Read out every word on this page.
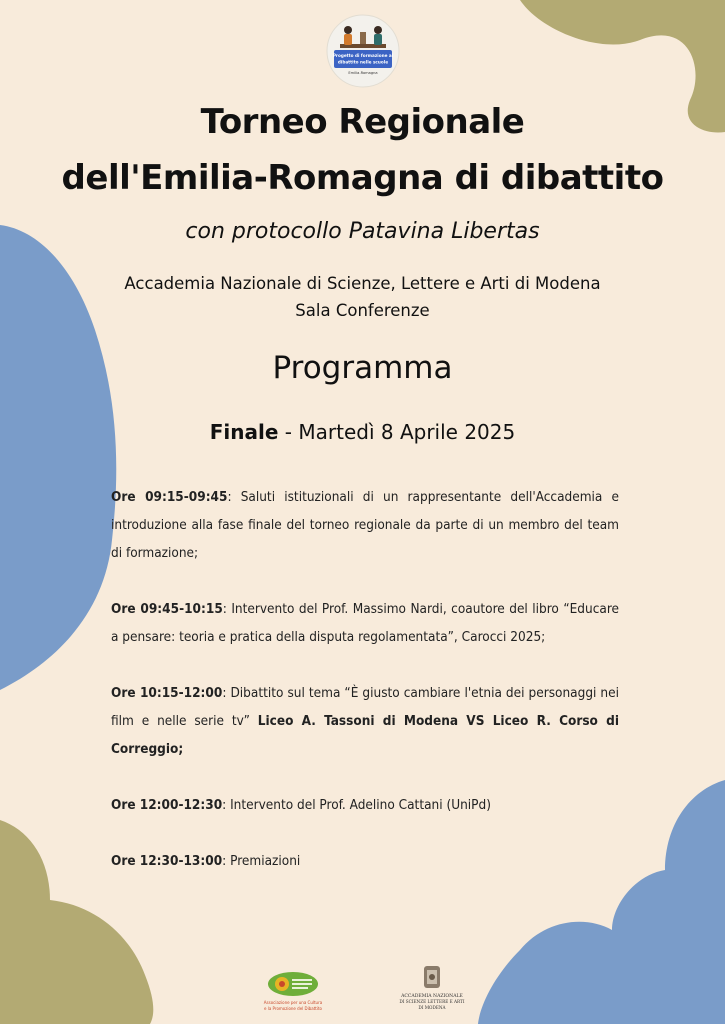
Progetto di formazione al
dibattito nelle scuole
Emilia-Romagna
Torneo Regionale
dell'Emilia-Romagna di dibattito
con protocollo Patavina Libertas
Accademia Nazionale di Scienze, Lettere e Arti di Modena
Sala Conferenze
Programma
Finale - Martedì 8 Aprile 2025

Ore 09:15-09:45: Saluti istituzionali di un rappresentante dell'Accademia e introduzione alla fase finale del torneo regionale da parte di un membro del team di formazione;

Ore 09:45-10:15: Intervento del Prof. Massimo Nardi, coautore del libro “Educare a pensare: teoria e pratica della disputa regolamentata”, Carocci 2025;

Ore 10:15-12:00: Dibattito sul tema “È giusto cambiare l'etnia dei personaggi nei film e nelle serie tv” Liceo A. Tassoni di Modena VS Liceo R. Corso di Correggio;

Ore 12:00-12:30: Intervento del Prof. Adelino Cattani (UniPd)

Ore 12:30-13:00: Premiazioni

Associazione per una Cultura
e la Promozione del Dibattito
ACCADEMIA NAZIONALE
DI SCIENZE LETTERE E ARTI
DI MODENA
